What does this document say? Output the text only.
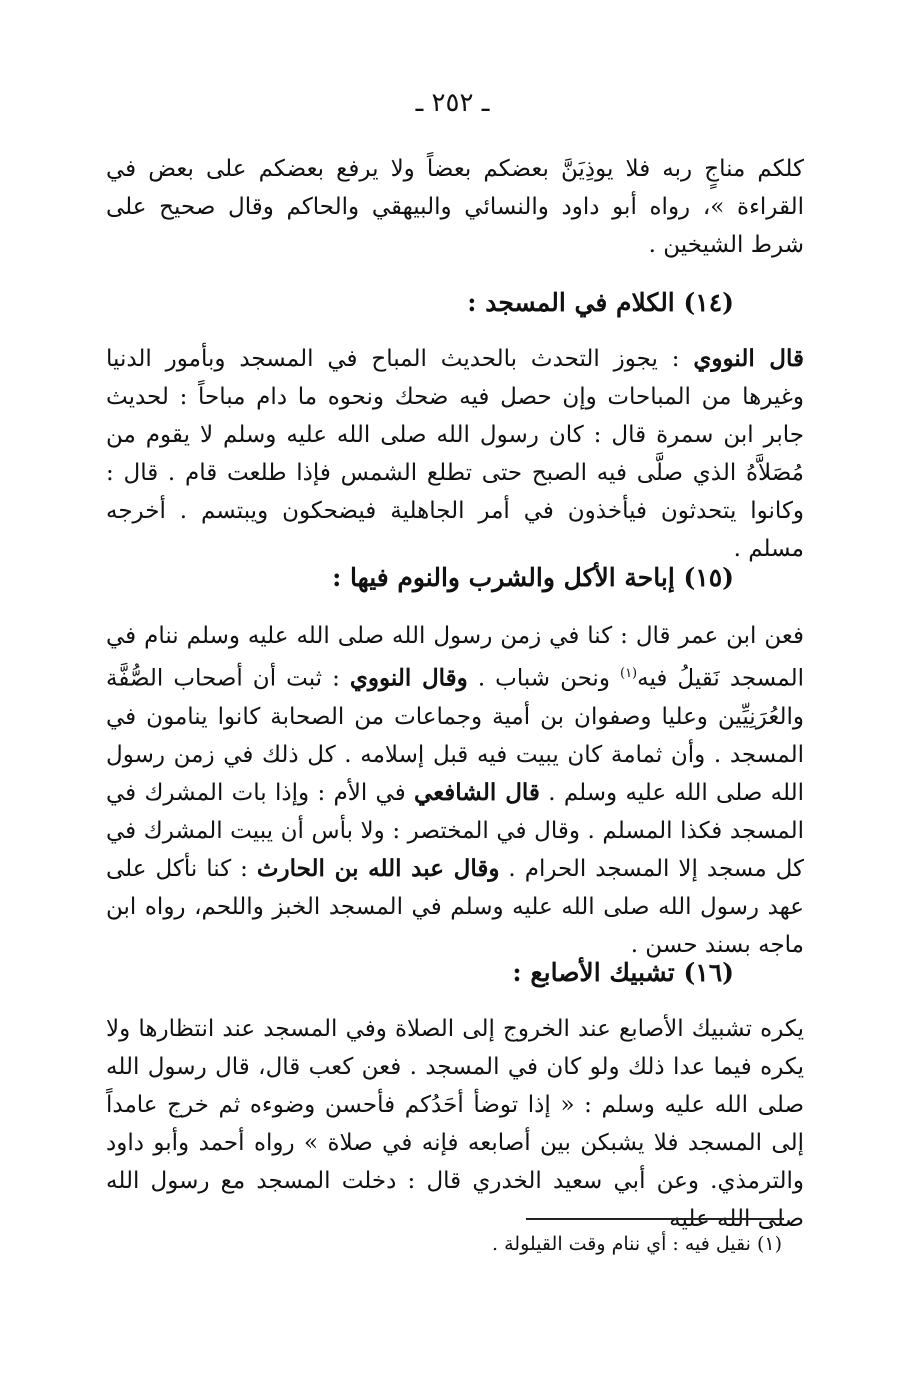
ـ ٢٥٢ ـ

كلكم مناجٍ ربه فلا يوذِيَنَّ بعضكم بعضاً ولا يرفع بعضكم على بعض في القراءة »، رواه أبو داود والنسائي والبيهقي والحاكم وقال صحيح على شرط الشيخين .

(١٤) الكلام في المسجد :

قال النووي : يجوز التحدث بالحديث المباح في المسجد وبأمور الدنيا وغيرها من المباحات وإن حصل فيه ضحك ونحوه ما دام مباحاً : لحديث جابر ابن سمرة قال : كان رسول الله صلى الله عليه وسلم لا يقوم من مُصَلاَّهُ الذي صلَّى فيه الصبح حتى تطلع الشمس فإذا طلعت قام . قال : وكانوا يتحدثون فيأخذون في أمر الجاهلية فيضحكون ويبتسم . أخرجه مسلم .

(١٥) إباحة الأكل والشرب والنوم فيها :

فعن ابن عمر قال : كنا في زمن رسول الله صلى الله عليه وسلم ننام في المسجد نَقيلُ فيه$^{(١)}$ ونحن شباب . وقال النووي : ثبت أن أصحاب الصُّفَّة والعُرَنِيِّين وعليا وصفوان بن أمية وجماعات من الصحابة كانوا ينامون في المسجد . وأن ثمامة كان يبيت فيه قبل إسلامه . كل ذلك في زمن رسول الله صلى الله عليه وسلم . قال الشافعي في الأم : وإذا بات المشرك في المسجد فكذا المسلم . وقال في المختصر : ولا بأس أن يبيت المشرك في كل مسجد إلا المسجد الحرام . وقال عبد الله بن الحارث : كنا نأكل على عهد رسول الله صلى الله عليه وسلم في المسجد الخبز واللحم، رواه ابن ماجه بسند حسن .

(١٦) تشبيك الأصابع :

يكره تشبيك الأصابع عند الخروج إلى الصلاة وفي المسجد عند انتظارها ولا يكره فيما عدا ذلك ولو كان في المسجد . فعن كعب قال، قال رسول الله صلى الله عليه وسلم : « إذا توضأ أحَدُكم فأحسن وضوءه ثم خرج عامداً إلى المسجد فلا يشبكن بين أصابعه فإنه في صلاة » رواه أحمد وأبو داود والترمذي. وعن أبي سعيد الخدري قال : دخلت المسجد مع رسول الله صلى الله عليه

(١) نقيل فيه : أي ننام وقت القيلولة .
